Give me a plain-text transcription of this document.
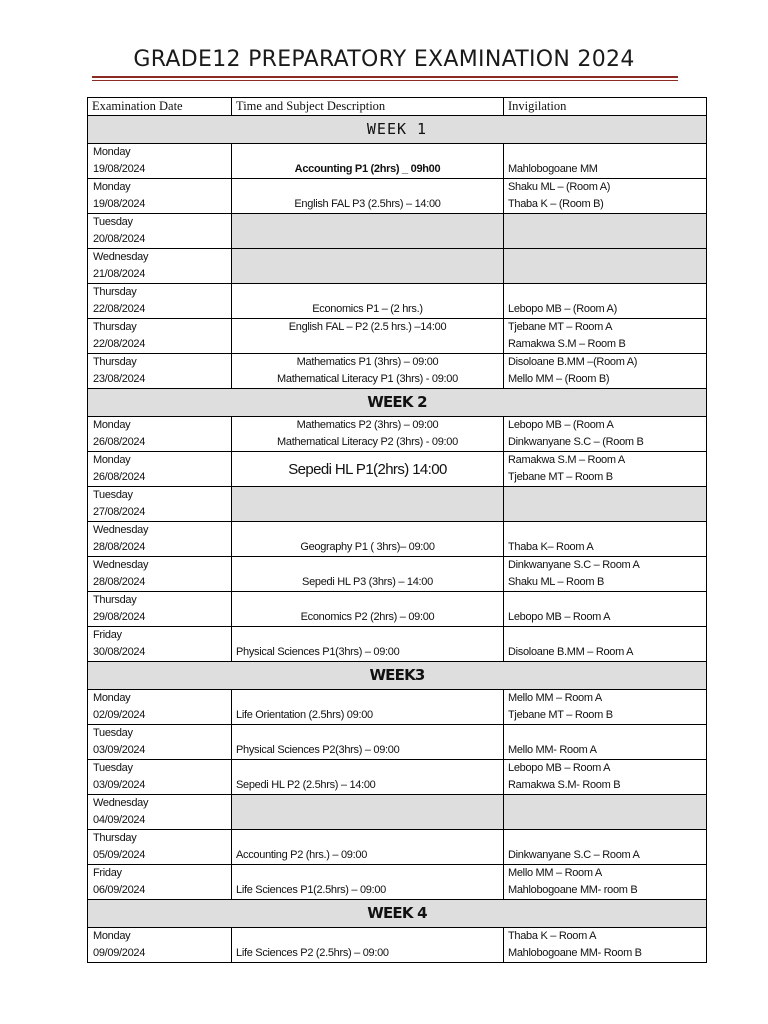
GRADE12 PREPARATORY EXAMINATION 2024
Examination Date	Time and Subject Description	Invigilation
WEEK 1		

Monday
19/08/2024	Accounting P1 (2hrs) _ 09h00	Mahlobogoane MM

Monday
19/08/2024	English FAL P3 (2.5hrs) – 14:00	Shaku ML – (Room A)
Thaba K – (Room B)

Tuesday
20/08/2024		

Wednesday
21/08/2024		

Thursday
22/08/2024	Economics P1 – (2 hrs.)	Lebopo MB – (Room A)

Thursday
22/08/2024	English FAL – P2 (2.5 hrs.) –14:00	Tjebane MT – Room A
Ramakwa S.M – Room B

Thursday
23/08/2024	Mathematics P1 (3hrs) – 09:00
Mathematical Literacy P1 (3hrs) - 09:00	Disoloane B.MM –(Room A)
Mello MM – (Room B)

WEEK 2		

Monday
26/08/2024	Mathematics P2 (3hrs) – 09:00
Mathematical Literacy P2 (3hrs) - 09:00	Lebopo MB – (Room A
Dinkwanyane S.C – (Room B

Monday
26/08/2024	Sepedi HL P1(2hrs) 14:00	Ramakwa S.M – Room A
Tjebane MT – Room B

Tuesday
27/08/2024		

Wednesday
28/08/2024	Geography P1 ( 3hrs)– 09:00	Thaba K– Room A

Wednesday
28/08/2024	Sepedi HL P3 (3hrs) – 14:00	Dinkwanyane S.C – Room A
Shaku ML – Room B

Thursday
29/08/2024	Economics P2 (2hrs) – 09:00	Lebopo MB – Room A

Friday
30/08/2024	Physical Sciences P1(3hrs) – 09:00	Disoloane B.MM – Room A

WEEK3		

Monday
02/09/2024	Life Orientation (2.5hrs) 09:00	Mello MM – Room A
Tjebane MT – Room B

Tuesday
03/09/2024	Physical Sciences P2(3hrs) – 09:00	Mello MM- Room A

Tuesday
03/09/2024	Sepedi HL P2 (2.5hrs) – 14:00	Lebopo MB – Room A
Ramakwa S.M- Room B

Wednesday
04/09/2024		

Thursday
05/09/2024	Accounting P2 (hrs.) – 09:00	Dinkwanyane S.C – Room A

Friday
06/09/2024	Life Sciences P1(2.5hrs) – 09:00	Mello MM – Room A
Mahlobogoane MM- room B

WEEK 4		

Monday
09/09/2024	Life Sciences P2 (2.5hrs) – 09:00	Thaba K – Room A
Mahlobogoane MM- Room B
